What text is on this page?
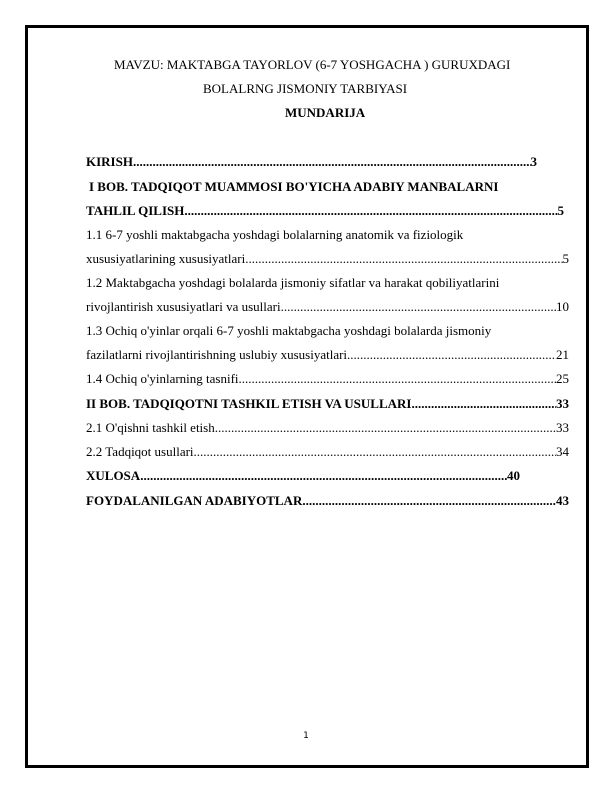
MAVZU: MAKTABGA TAYORLOV (6-7 YOSHGACHA ) GURUXDAGI
BOLALRNG JISMONIY TARBIYASI
MUNDARIJA
KIRISH .....	3
I BOB. TADQIQOT MUAMMOSI BO'YICHA ADABIY MANBALARNI
TAHLIL QILISH .....	5
1.1 6-7 yoshli maktabgacha yoshdagi bolalarning anatomik va fiziologik
xususiyatlarining xususiyatlari .....	5
1.2 Maktabgacha yoshdagi bolalarda jismoniy sifatlar va harakat qobiliyatlarini
rivojlantirish xususiyatlari va usullari .....	10
1.3 Ochiq o'yinlar orqali 6-7 yoshli maktabgacha yoshdagi bolalarda jismoniy
fazilatlarni rivojlantirishning uslubiy xususiyatlari .....	21
1.4 Ochiq o'yinlarning tasnifi .....	25
II BOB. TADQIQOTNI TASHKIL ETISH VA USULLARI .....	33
2.1 O'qishni tashkil etish .....	33
2.2 Tadqiqot usullari .....	34
XULOSA .....	40
FOYDALANILGAN ADABIYOTLAR .....	43
1
